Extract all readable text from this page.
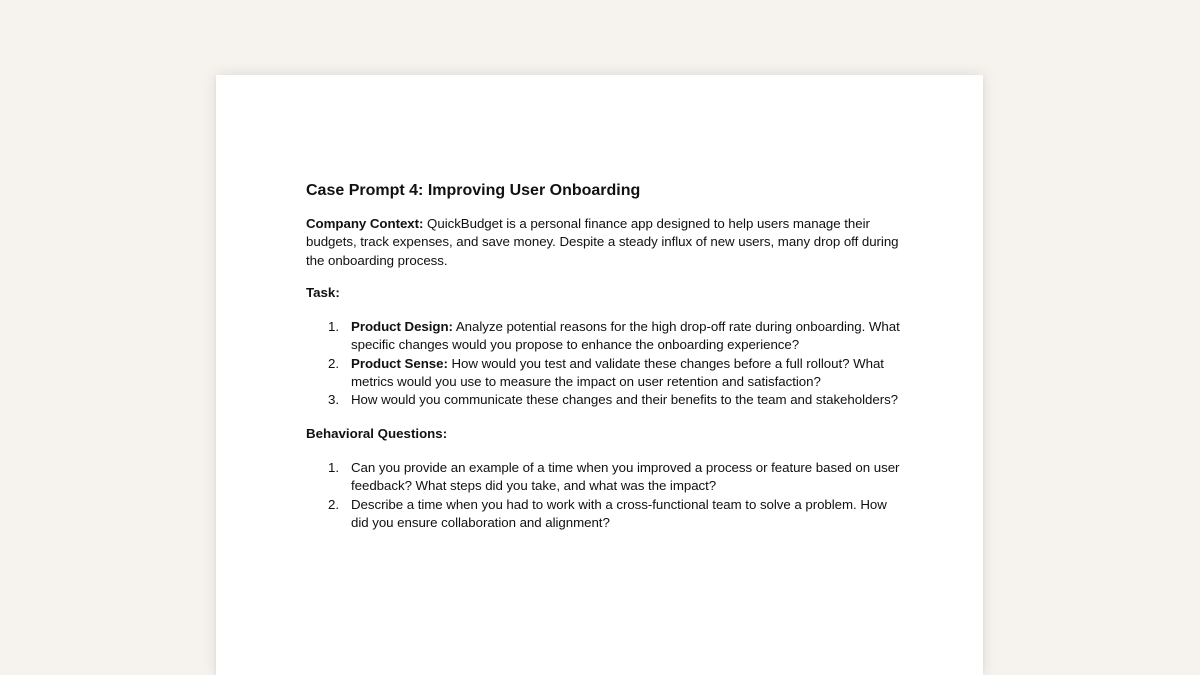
Case Prompt 4: Improving User Onboarding

Company Context: QuickBudget is a personal finance app designed to help users manage their budgets, track expenses, and save money. Despite a steady influx of new users, many drop off during the onboarding process.

Task:

1. Product Design: Analyze potential reasons for the high drop-off rate during onboarding. What specific changes would you propose to enhance the onboarding experience?
2. Product Sense: How would you test and validate these changes before a full rollout? What metrics would you use to measure the impact on user retention and satisfaction?
3. How would you communicate these changes and their benefits to the team and stakeholders?

Behavioral Questions:

1. Can you provide an example of a time when you improved a process or feature based on user feedback? What steps did you take, and what was the impact?
2. Describe a time when you had to work with a cross-functional team to solve a problem. How did you ensure collaboration and alignment?
